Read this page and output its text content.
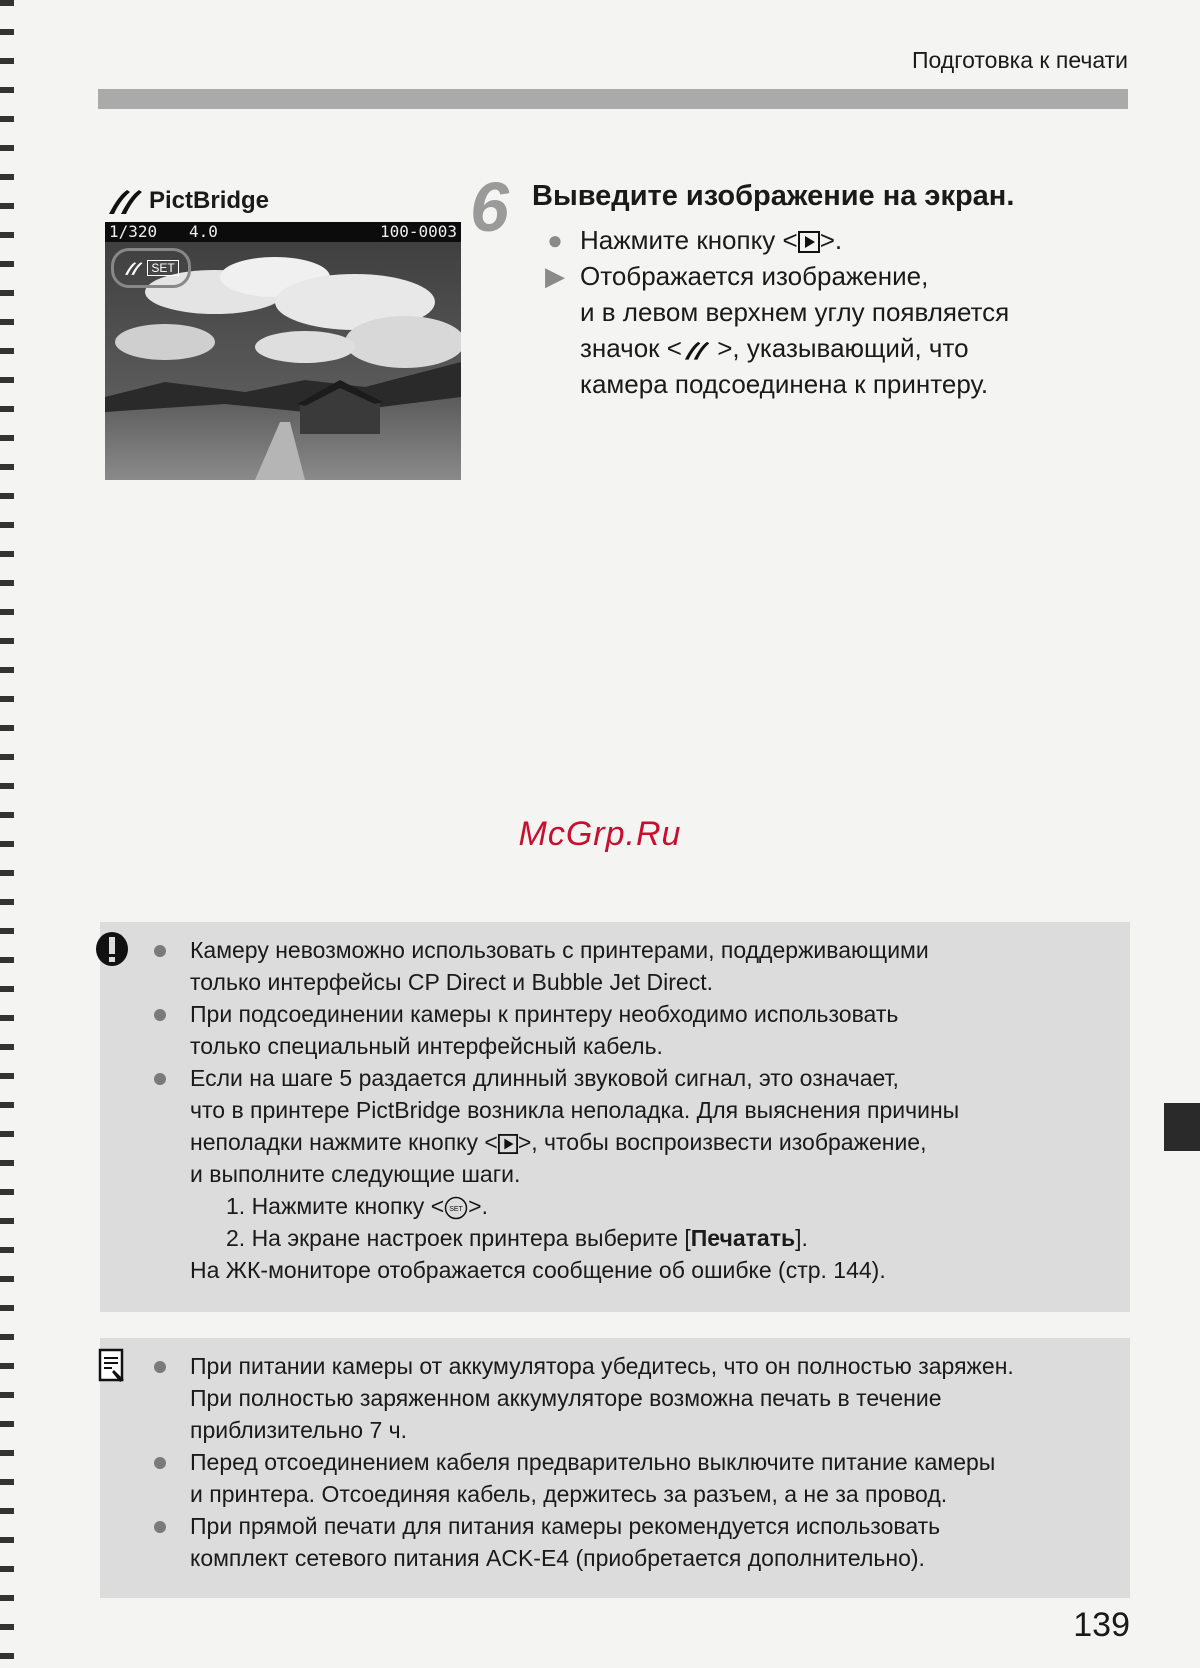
Подготовка к печати
PictBridge
1/320 4.0	100-0003
SET
6 Выведите изображение на экран.
● Нажмите кнопку < >.
▶ Отображается изображение,
и в левом верхнем углу появляется
значок < >, указывающий, что
камера подсоединена к принтеру.
McGrp.Ru
Камеру невозможно использовать с принтерами, поддерживающими
только интерфейсы CP Direct и Bubble Jet Direct.
При подсоединении камеры к принтеру необходимо использовать
только специальный интерфейсный кабель.
Если на шаге 5 раздается длинный звуковой сигнал, это означает,
что в принтере PictBridge возникла неполадка. Для выяснения причины
неполадки нажмите кнопку < >, чтобы воспроизвести изображение,
и выполните следующие шаги.
1. Нажмите кнопку < SET >.
2. На экране настроек принтера выберите [Печатать].
На ЖК-мониторе отображается сообщение об ошибке (стр. 144).
При питании камеры от аккумулятора убедитесь, что он полностью заряжен.
При полностью заряженном аккумуляторе возможна печать в течение
приблизительно 7 ч.
Перед отсоединением кабеля предварительно выключите питание камеры
и принтера. Отсоединяя кабель, держитесь за разъем, а не за провод.
При прямой печати для питания камеры рекомендуется использовать
комплект сетевого питания ACK-E4 (приобретается дополнительно).
139
